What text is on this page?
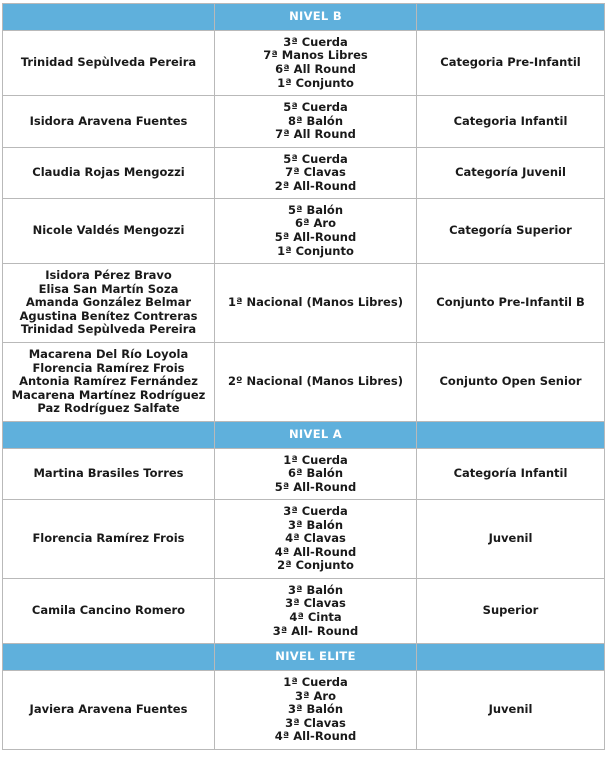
	NIVEL B	

Trinidad Sepùlveda Pereira	3ª Cuerda
7ª Manos Libres
6ª All Round
1ª Conjunto	Categoria Pre-Infantil

Isidora Aravena Fuentes	5ª Cuerda
8ª Balón
7ª All Round	Categoria Infantil

Claudia Rojas Mengozzi	5ª Cuerda
7ª Clavas
2ª All-Round	Categoría Juvenil

Nicole Valdés Mengozzi	5ª Balón
6ª Aro
5ª All-Round
1ª Conjunto	Categoría Superior

Isidora Pérez Bravo
Elisa San Martín Soza
Amanda González Belmar
Agustina Benítez Contreras
Trinidad Sepùlveda Pereira	1ª Nacional (Manos Libres)	Conjunto Pre-Infantil B

Macarena Del Río Loyola
Florencia Ramírez Frois
Antonia Ramírez Fernández
Macarena Martínez Rodríguez
Paz Rodríguez Salfate	2º Nacional (Manos Libres)	Conjunto Open Senior
	NIVEL A	

Martina Brasiles Torres	1ª Cuerda
6ª Balón
5ª All-Round	Categoría Infantil

Florencia Ramírez Frois	3ª Cuerda
3ª Balón
4ª Clavas
4ª All-Round
2ª Conjunto	Juvenil

Camila Cancino Romero	3ª Balón
3ª Clavas
4ª Cinta
3ª All- Round	Superior
	NIVEL ELITE	

Javiera Aravena Fuentes	1ª Cuerda
3ª Aro
3ª Balón
3ª Clavas
4ª All-Round	Juvenil
